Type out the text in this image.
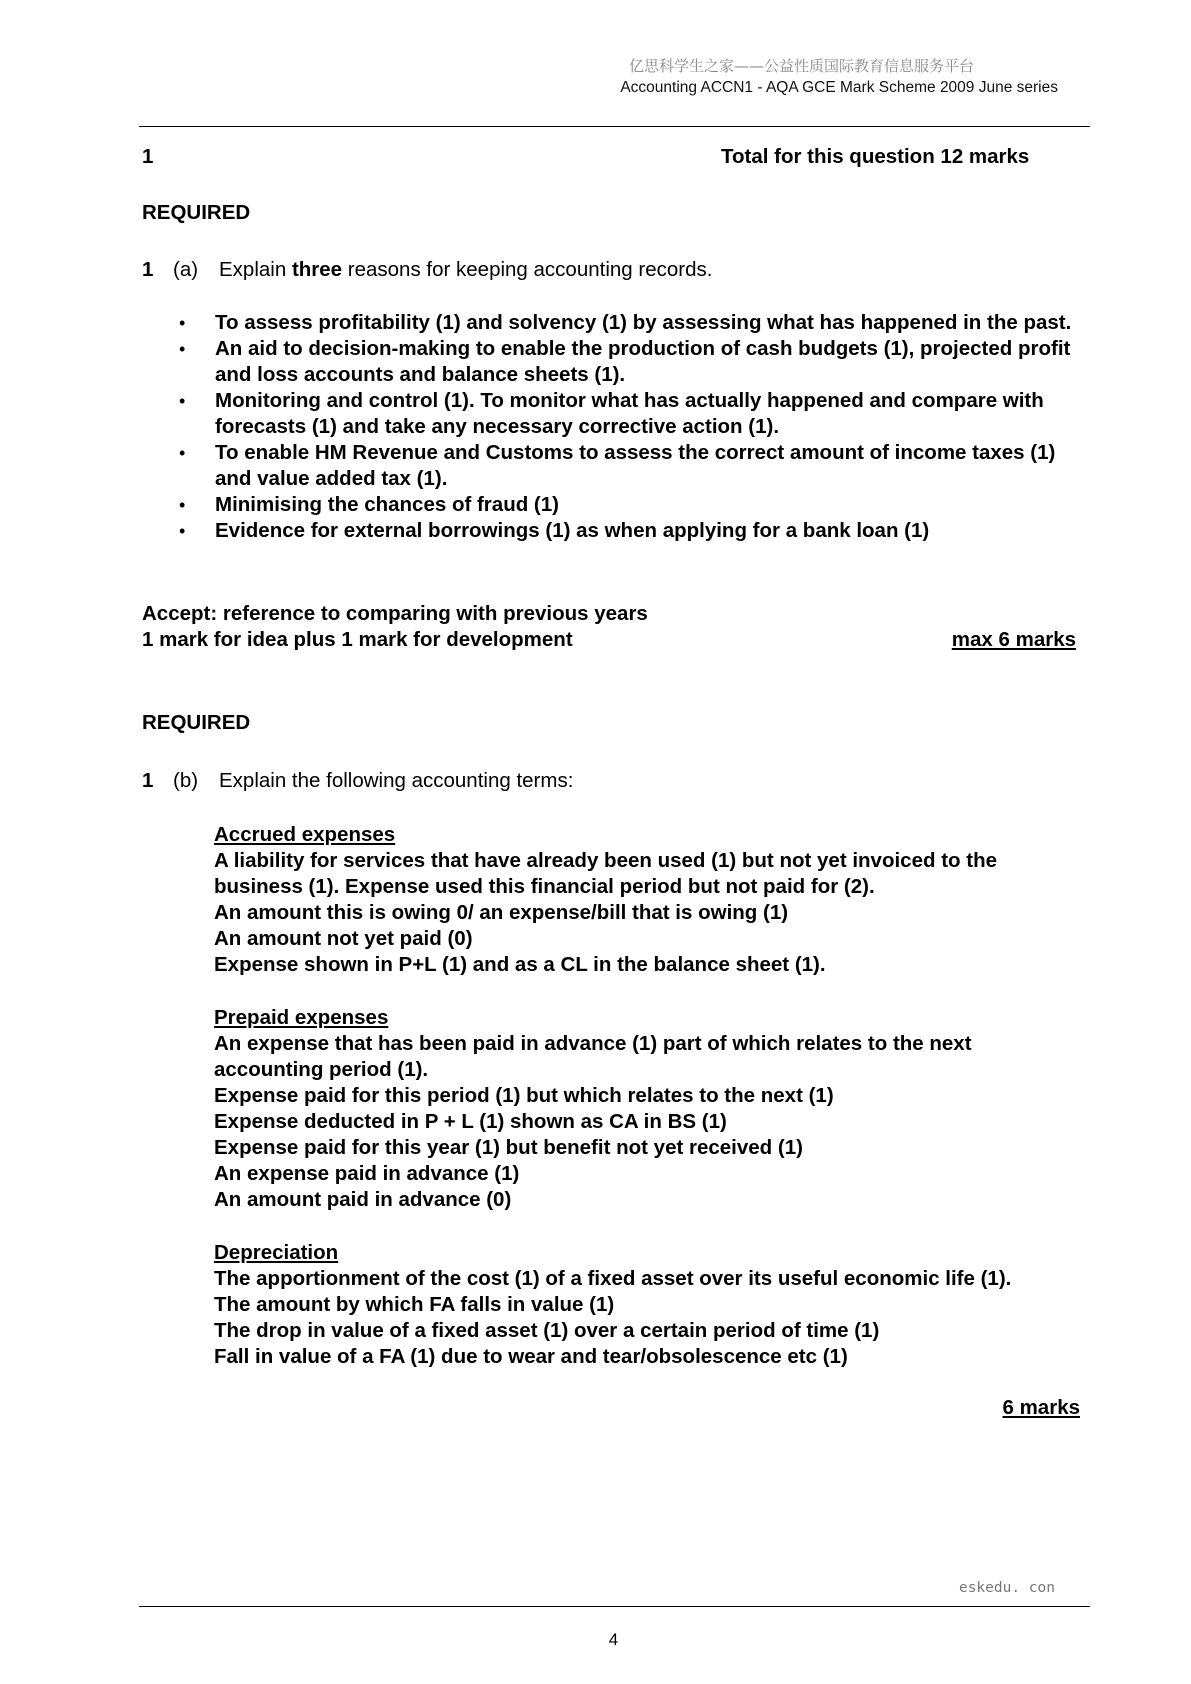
亿思科学生之家——公益性质国际教育信息服务平台
Accounting ACCN1 - AQA GCE Mark Scheme 2009 June series
1	Total for this question 12 marks
REQUIRED
1 (a) Explain three reasons for keeping accounting records.
• To assess profitability (1) and solvency (1) by assessing what has happened in the past.
• An aid to decision-making to enable the production of cash budgets (1), projected profit and loss accounts and balance sheets (1).
• Monitoring and control (1). To monitor what has actually happened and compare with forecasts (1) and take any necessary corrective action (1).
• To enable HM Revenue and Customs to assess the correct amount of income taxes (1) and value added tax (1).
• Minimising the chances of fraud (1)
• Evidence for external borrowings (1) as when applying for a bank loan (1)
Accept: reference to comparing with previous years
1 mark for idea plus 1 mark for development	max 6 marks
REQUIRED
1 (b) Explain the following accounting terms:
Accrued expenses
A liability for services that have already been used (1) but not yet invoiced to the
business (1). Expense used this financial period but not paid for (2).
An amount this is owing 0/ an expense/bill that is owing (1)
An amount not yet paid (0)
Expense shown in P+L (1) and as a CL in the balance sheet (1).
Prepaid expenses
An expense that has been paid in advance (1) part of which relates to the next
accounting period (1).
Expense paid for this period (1) but which relates to the next (1)
Expense deducted in P + L (1) shown as CA in BS (1)
Expense paid for this year (1) but benefit not yet received (1)
An expense paid in advance (1)
An amount paid in advance (0)
Depreciation
The apportionment of the cost (1) of a fixed asset over its useful economic life (1).
The amount by which FA falls in value (1)
The drop in value of a fixed asset (1) over a certain period of time (1)
Fall in value of a FA (1) due to wear and tear/obsolescence etc (1)
6 marks
eskedu. con
4
